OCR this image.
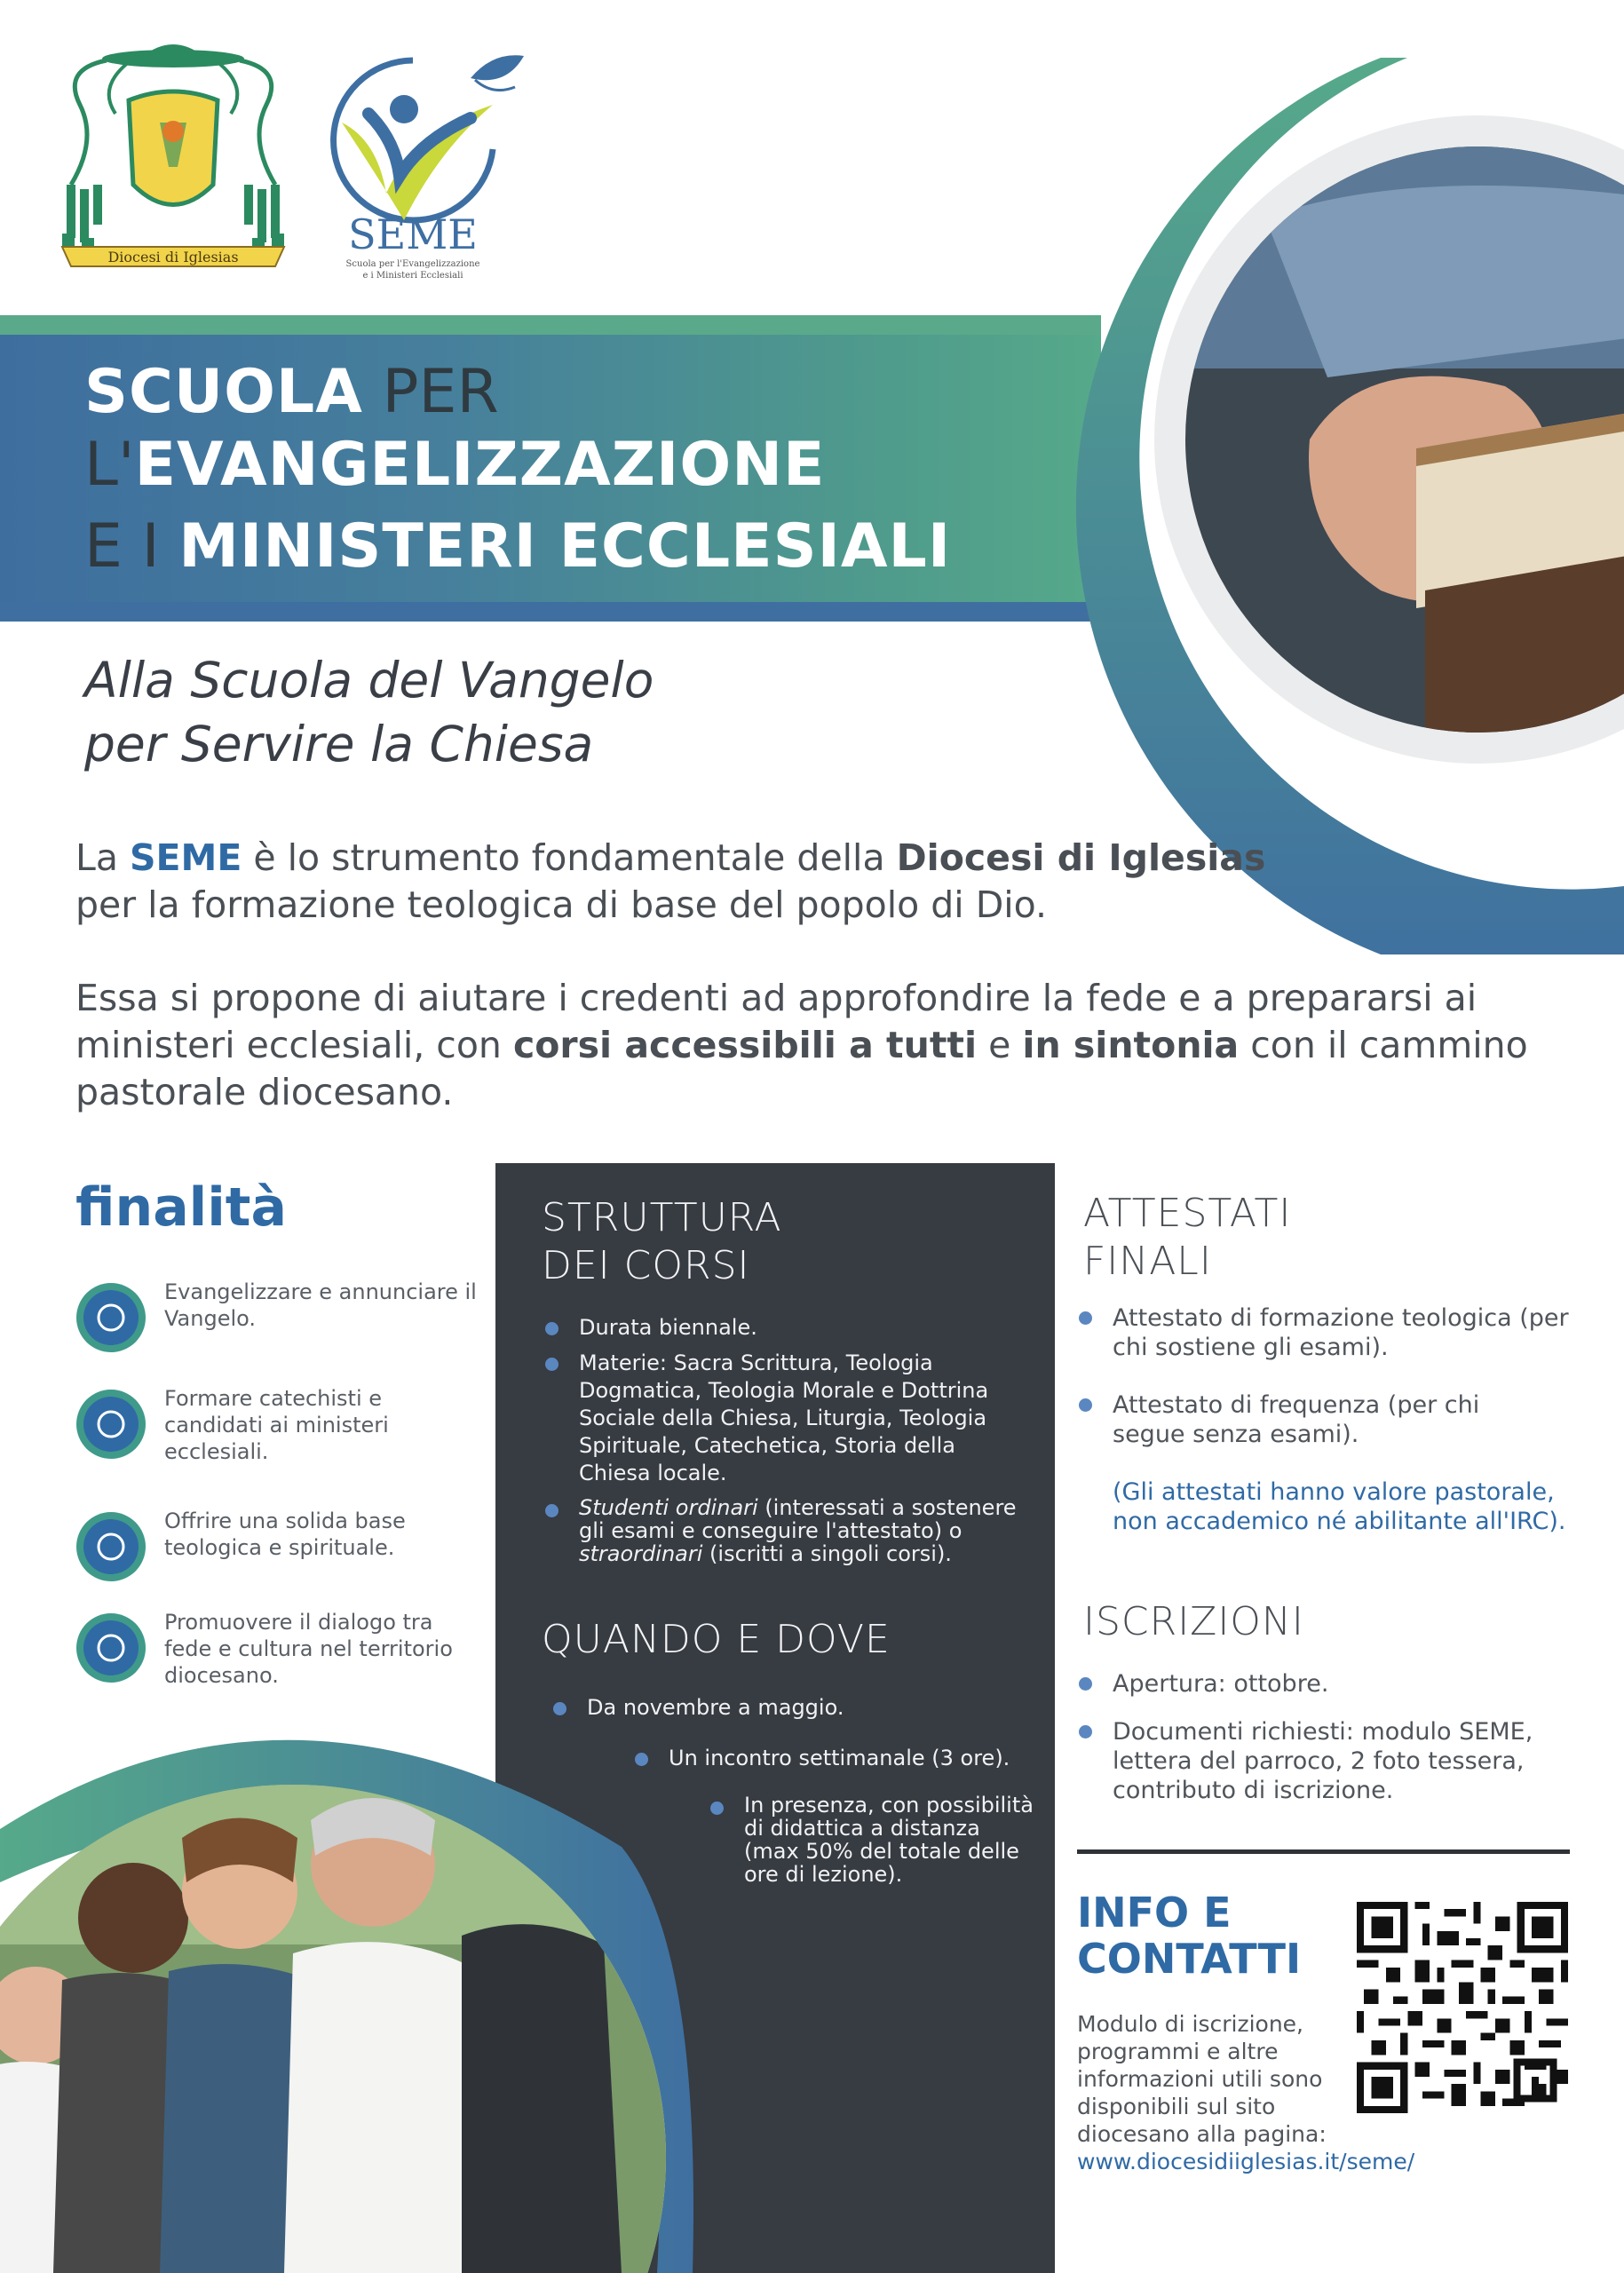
Diocesi di Iglesias	SEME
Scuola per l'Evangelizzazione
e i Ministeri Ecclesiali
SCUOLA PER
L'EVANGELIZZAZIONE
E I MINISTERI ECCLESIALI
Alla Scuola del Vangelo
per Servire la Chiesa
La SEME è lo strumento fondamentale della Diocesi di Iglesias per la formazione teologica di base del popolo di Dio.
Essa si propone di aiutare i credenti ad approfondire la fede e a prepararsi ai ministeri ecclesiali, con corsi accessibili a tutti e in sintonia con il cammino pastorale diocesano.
finalità
Evangelizzare e annunciare il Vangelo.
Formare catechisti e candidati ai ministeri ecclesiali.
Offrire una solida base teologica e spirituale.
Promuovere il dialogo tra fede e cultura nel territorio diocesano.
STRUTTURA
DEI CORSI
Durata biennale.
Materie: Sacra Scrittura, Teologia Dogmatica, Teologia Morale e Dottrina Sociale della Chiesa, Liturgia, Teologia Spirituale, Catechetica, Storia della Chiesa locale.
Studenti ordinari (interessati a sostenere gli esami e conseguire l'attestato) o straordinari (iscritti a singoli corsi).
QUANDO E DOVE
Da novembre a maggio.
Un incontro settimanale (3 ore).
In presenza, con possibilità di didattica a distanza (max 50% del totale delle ore di lezione).
ATTESTATI
FINALI
Attestato di formazione teologica (per chi sostiene gli esami).
Attestato di frequenza (per chi segue senza esami).
(Gli attestati hanno valore pastorale, non accademico né abilitante all'IRC).
ISCRIZIONI
Apertura: ottobre.
Documenti richiesti: modulo SEME, lettera del parroco, 2 foto tessera, contributo di iscrizione.
INFO E
CONTATTI
Modulo di iscrizione, programmi e altre informazioni utili sono disponibili sul sito diocesano alla pagina:
www.diocesidiiglesias.it/seme/
